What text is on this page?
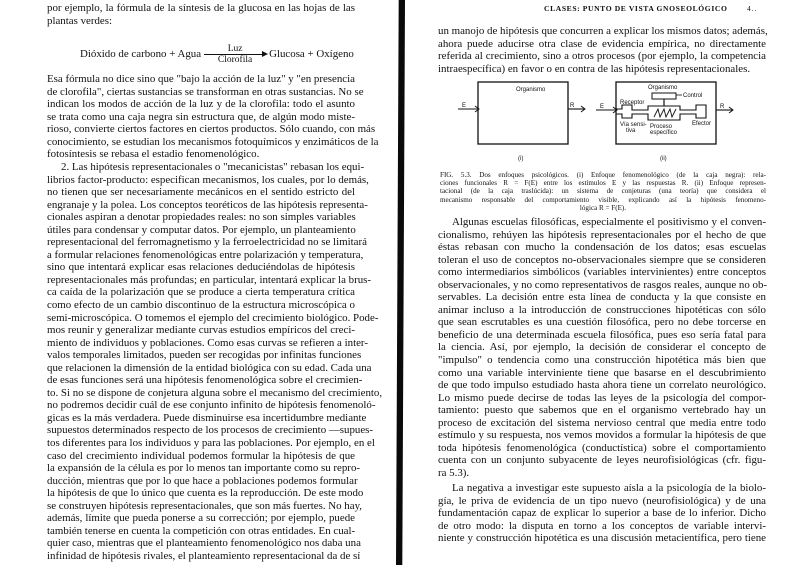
por ejemplo, la fórmula de la síntesis de la glucosa en las hojas de las
plantas verdes:
Dióxido de carbono + Agua	Luz
Clorofila Glucosa + Oxígeno
Esa fórmula no dice sino que "bajo la acción de la luz" y "en presencia
de clorofila", ciertas sustancias se transforman en otras sustancias. No se
indican los modos de acción de la luz y de la clorofila: todo el asunto
se trata como una caja negra sin estructura que, de algún modo miste-
rioso, convierte ciertos factores en ciertos productos. Sólo cuando, con más
conocimiento, se estudian los mecanismos fotoquímicos y enzimáticos de la
fotosíntesis se rebasa el estadio fenomenológico.
2. Las hipótesis representacionales o "mecanicistas" rebasan los equi-
librios factor-producto: especifican mecanismos, los cuales, por lo demás,
no tienen que ser necesariamente mecánicos en el sentido estricto del
engranaje y la polea. Los conceptos teoréticos de las hipótesis representa-
cionales aspiran a denotar propiedades reales: no son simples variables
útiles para condensar y computar datos. Por ejemplo, un planteamiento
representacional del ferromagnetismo y la ferroelectricidad no se limitará
a formular relaciones fenomenológicas entre polarización y temperatura,
sino que intentará explicar esas relaciones deduciéndolas de hipótesis
representacionales más profundas; en particular, intentará explicar la brus-
ca caída de la polarización que se produce a cierta temperatura crítica
como efecto de un cambio discontinuo de la estructura microscópica o
semi-microscópica. O tomemos el ejemplo del crecimiento biológico. Pode-
mos reunir y generalizar mediante curvas estudios empíricos del creci-
miento de individuos y poblaciones. Como esas curvas se refieren a inter-
valos temporales limitados, pueden ser recogidas por infinitas funciones
que relacionen la dimensión de la entidad biológica con su edad. Cada una
de esas funciones será una hipótesis fenomenológica sobre el crecimien-
to. Si no se dispone de conjetura alguna sobre el mecanismo del crecimiento,
no podremos decidir cuál de ese conjunto infinito de hipótesis fenomenoló-
gicas es la más verdadera. Puede disminuirse esa incertidumbre mediante
supuestos determinados respecto de los procesos de crecimiento —supues-
tos diferentes para los individuos y para las poblaciones. Por ejemplo, en el
caso del crecimiento individual podemos formular la hipótesis de que
la expansión de la célula es por lo menos tan importante como su repro-
ducción, mientras que por lo que hace a poblaciones podemos formular
la hipótesis de que lo único que cuenta es la reproducción. De este modo
se construyen hipótesis representacionales, que son más fuertes. No hay,
además, límite que pueda ponerse a su corrección; por ejemplo, puede
también tenerse en cuenta la competición con otras entidades. En cual-
quier caso, mientras que el planteamiento fenomenológico nos daba una
infinidad de hipótesis rivales, el planteamiento representacional da de sí
CLASES: PUNTO DE VISTA GNOSEOLÓGICO	4..
un manojo de hipótesis que concurren a explicar los mismos datos; además,
ahora puede aducirse otra clase de evidencia empírica, no directamente
referida al crecimiento, sino a otros procesos (por ejemplo, la competencia
intraespecífica) en favor o en contra de las hipótesis representacionales.
Organismo
E	R
(i)
Organismo
Control
Receptor
Vía sensi-
tiva
Proceso
específico
Efector
E	R
(ii)
FIG. 5.3. Dos enfoques psicológicos. (i) Enfoque fenomenológico (de la caja negra): rela-
ciones funcionales R = F(E) entre los estímulos E y las respuestas R. (ii) Enfoque represen-
tacional (de la caja traslúcida): un sistema de conjeturas (una teoría) que considera el
mecanismo responsable del comportamiento visible, explicando así la hipótesis fenomeno-
lógica R = F(E).
Algunas escuelas filosóficas, especialmente el positivismo y el conven-
cionalismo, rehúyen las hipótesis representacionales por el hecho de que
éstas rebasan con mucho la condensación de los datos; esas escuelas
toleran el uso de conceptos no-observacionales siempre que se consideren
como intermediarios simbólicos (variables intervinientes) entre conceptos
observacionales, y no como representativos de rasgos reales, aunque no ob-
servables. La decisión entre esta línea de conducta y la que consiste en
animar incluso a la introducción de construcciones hipotéticas con sólo
que sean escrutables es una cuestión filosófica, pero no debe torcerse en
beneficio de una determinada escuela filosófica, pues eso sería fatal para
la ciencia. Así, por ejemplo, la decisión de considerar el concepto de
"impulso" o tendencia como una construcción hipotética más bien que
como una variable interviniente tiene que basarse en el descubrimiento
de que todo impulso estudiado hasta ahora tiene un correlato neurológico.
Lo mismo puede decirse de todas las leyes de la psicología del compor-
tamiento: puesto que sabemos que en el organismo vertebrado hay un
proceso de excitación del sistema nervioso central que media entre todo
estímulo y su respuesta, nos vemos movidos a formular la hipótesis de que
toda hipótesis fenomenológica (conductística) sobre el comportamiento
cuenta con un conjunto subyacente de leyes neurofisiológicas (cfr. figu-
ra 5.3).
La negativa a investigar este supuesto aísla a la psicología de la biolo-
gía, le priva de evidencia de un tipo nuevo (neurofisiológica) y de una
fundamentación capaz de explicar lo superior a base de lo inferior. Dicho
de otro modo: la disputa en torno a los conceptos de variable intervi-
niente y construcción hipotética es una discusión metacientífica, pero tiene
